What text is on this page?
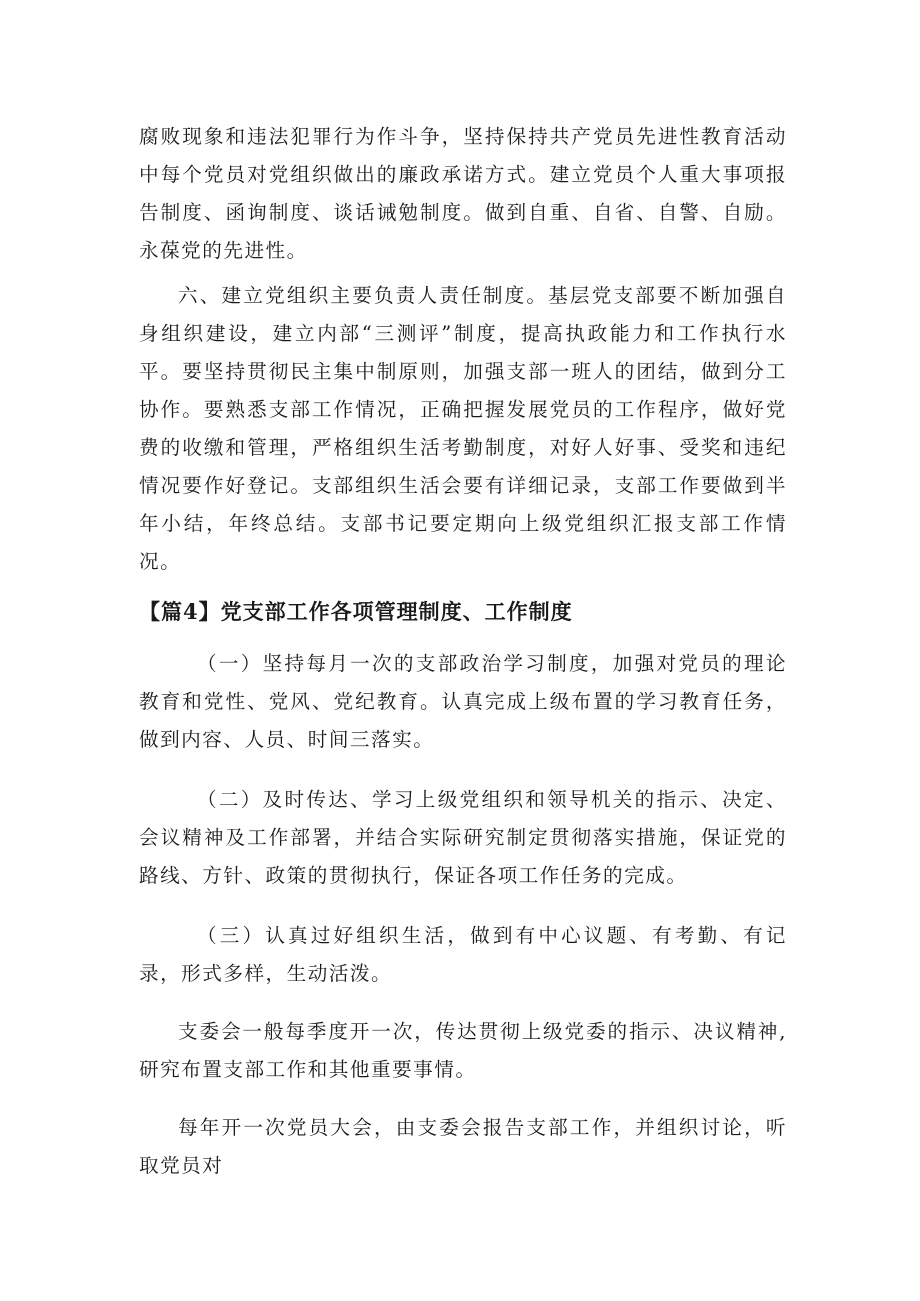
腐败现象和违法犯罪行为作斗争，坚持保持共产党员先进性教育活动中每个党员对党组织做出的廉政承诺方式。建立党员个人重大事项报告制度、函询制度、谈话诫勉制度。做到自重、自省、自警、自励。永葆党的先进性。

六、建立党组织主要负责人责任制度。基层党支部要不断加强自身组织建设，建立内部“三测评”制度，提高执政能力和工作执行水平。要坚持贯彻民主集中制原则，加强支部一班人的团结，做到分工协作。要熟悉支部工作情况，正确把握发展党员的工作程序，做好党费的收缴和管理，严格组织生活考勤制度，对好人好事、受奖和违纪情况要作好登记。支部组织生活会要有详细记录，支部工作要做到半年小结，年终总结。支部书记要定期向上级党组织汇报支部工作情况。

【篇4】党支部工作各项管理制度、工作制度

（一）坚持每月一次的支部政治学习制度，加强对党员的理论教育和党性、党风、党纪教育。认真完成上级布置的学习教育任务，做到内容、人员、时间三落实。

（二）及时传达、学习上级党组织和领导机关的指示、决定、会议精神及工作部署，并结合实际研究制定贯彻落实措施，保证党的路线、方针、政策的贯彻执行，保证各项工作任务的完成。

（三）认真过好组织生活，做到有中心议题、有考勤、有记录，形式多样，生动活泼。

支委会一般每季度开一次，传达贯彻上级党委的指示、决议精神,研究布置支部工作和其他重要事情。

每年开一次党员大会，由支委会报告支部工作，并组织讨论，听取党员对
